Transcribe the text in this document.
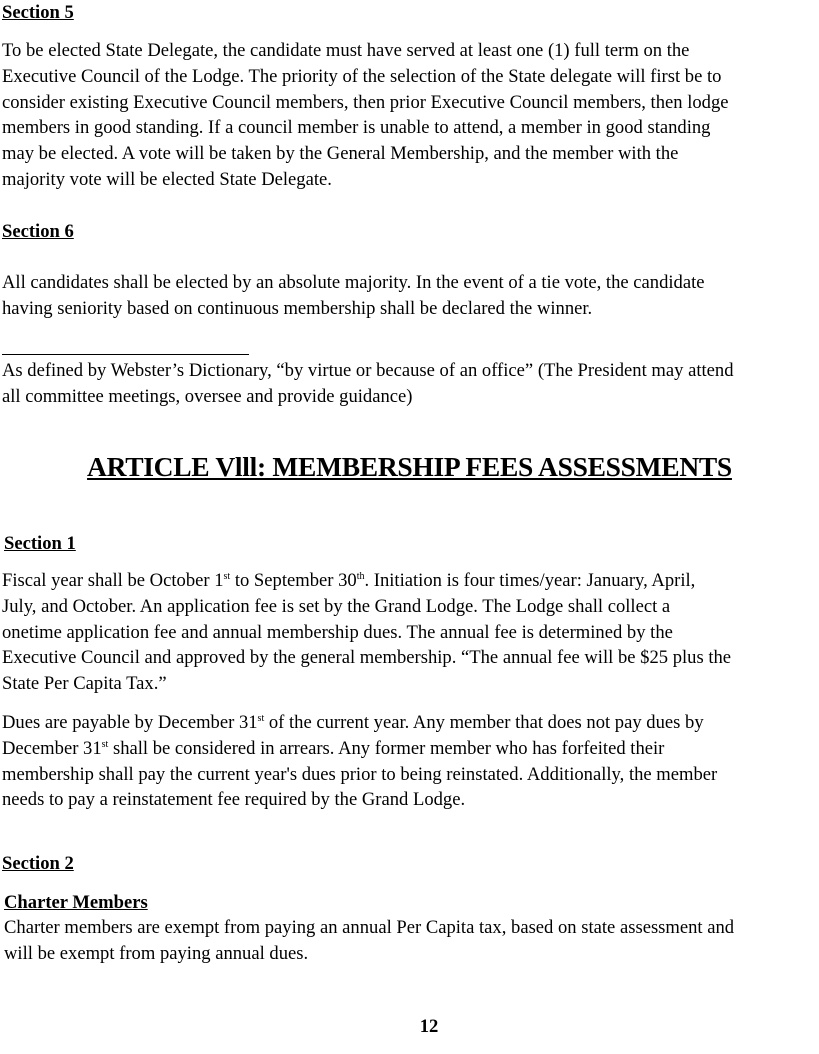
Section 5

To be elected State Delegate, the candidate must have served at least one (1) full term on the

Executive Council of the Lodge. The priority of the selection of the State delegate will first be to

consider existing Executive Council members, then prior Executive Council members, then lodge

members in good standing. If a council member is unable to attend, a member in good standing

may be elected. A vote will be taken by the General Membership, and the member with the

majority vote will be elected State Delegate.

Section 6

All candidates shall be elected by an absolute majority. In the event of a tie vote, the candidate

having seniority based on continuous membership shall be declared the winner.

As defined by Webster’s Dictionary, “by virtue or because of an office” (The President may attend

all committee meetings, oversee and provide guidance)

ARTICLE Vlll: MEMBERSHIP FEES ASSESSMENTS
Section 1

Fiscal year shall be October 1st to September 30th. Initiation is four times/year: January, April,

July, and October. An application fee is set by the Grand Lodge. The Lodge shall collect a

onetime application fee and annual membership dues. The annual fee is determined by the

Executive Council and approved by the general membership. “The annual fee will be $25 plus the

State Per Capita Tax.”

Dues are payable by December 31st of the current year. Any member that does not pay dues by

December 31st shall be considered in arrears. Any former member who has forfeited their

membership shall pay the current year's dues prior to being reinstated. Additionally, the member

needs to pay a reinstatement fee required by the Grand Lodge.

Section 2
Charter Members

Charter members are exempt from paying an annual Per Capita tax, based on state assessment and

will be exempt from paying annual dues.

12
